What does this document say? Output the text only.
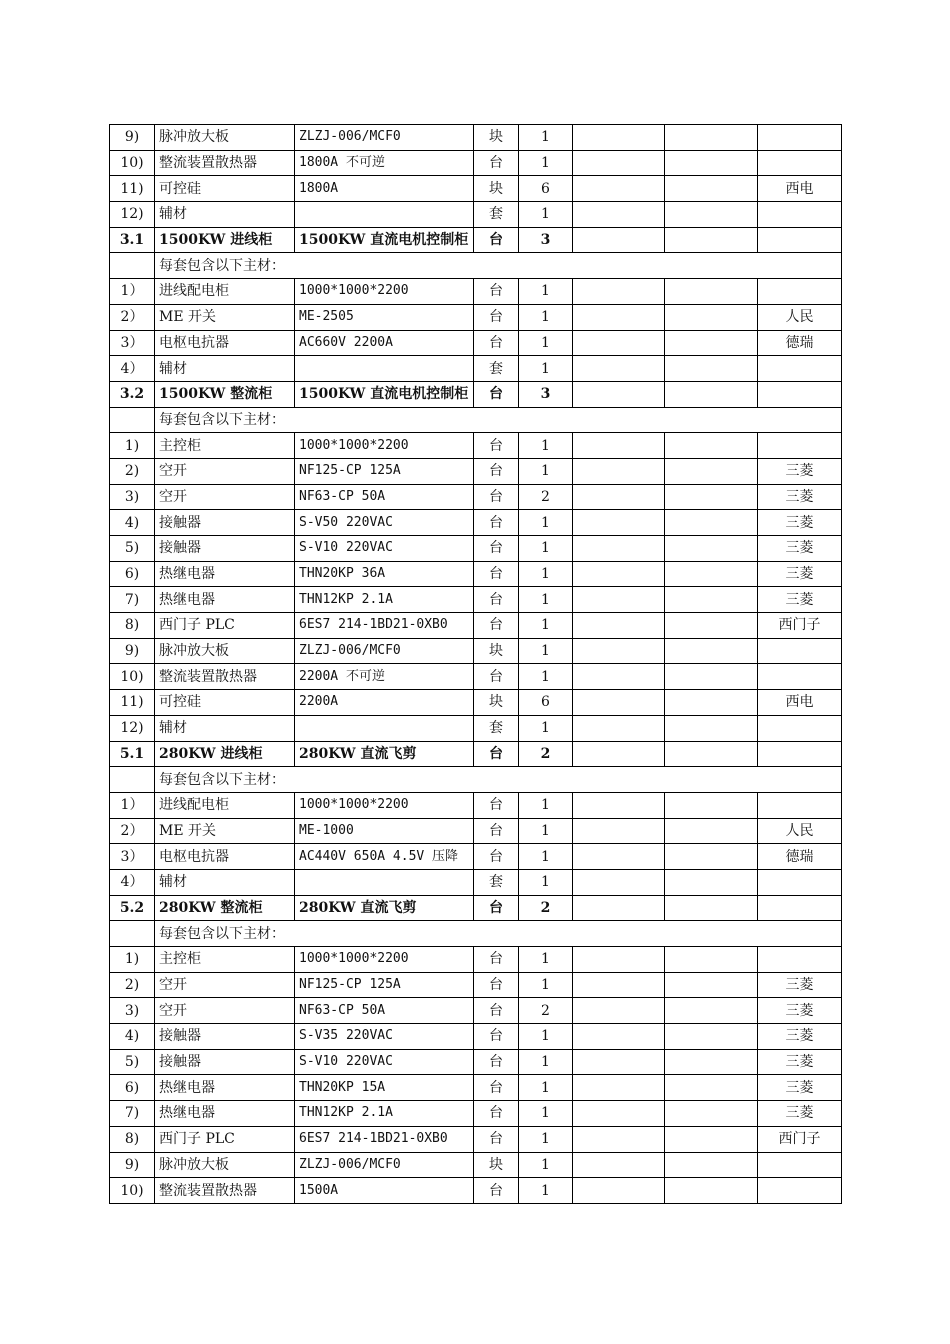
9)	脉冲放大板	ZLZJ-006/MCF0	块	1			
10)	整流装置散热器	1800A 不可逆	台	1			
11)	可控硅	1800A	块	6			西电
12)	辅材		套	1			
3.1	1500KW 进线柜	1500KW 直流电机控制柜	台	3			
	每套包含以下主材：						
1）	进线配电柜	1000*1000*2200	台	1			
2）	ME 开关	ME-2505	台	1			人民
3）	电枢电抗器	AC660V 2200A	台	1			德瑞
4）	辅材		套	1			
3.2	1500KW 整流柜	1500KW 直流电机控制柜	台	3			
	每套包含以下主材：						
1)	主控柜	1000*1000*2200	台	1			
2)	空开	NF125-CP 125A	台	1			三菱
3)	空开	NF63-CP 50A	台	2			三菱
4)	接触器	S-V50 220VAC	台	1			三菱
5)	接触器	S-V10 220VAC	台	1			三菱
6)	热继电器	THN20KP 36A	台	1			三菱
7)	热继电器	THN12KP 2.1A	台	1			三菱
8)	西门子 PLC	6ES7 214-1BD21-0XB0	台	1			西门子
9)	脉冲放大板	ZLZJ-006/MCF0	块	1			
10)	整流装置散热器	2200A 不可逆	台	1			
11)	可控硅	2200A	块	6			西电
12)	辅材		套	1			
5.1	280KW 进线柜	280KW 直流飞剪	台	2			
	每套包含以下主材：						
1）	进线配电柜	1000*1000*2200	台	1			
2）	ME 开关	ME-1000	台	1			人民
3）	电枢电抗器	AC440V 650A 4.5V 压降	台	1			德瑞
4）	辅材		套	1			
5.2	280KW 整流柜	280KW 直流飞剪	台	2			
	每套包含以下主材：						
1)	主控柜	1000*1000*2200	台	1			
2)	空开	NF125-CP 125A	台	1			三菱
3)	空开	NF63-CP 50A	台	2			三菱
4)	接触器	S-V35 220VAC	台	1			三菱
5)	接触器	S-V10 220VAC	台	1			三菱
6)	热继电器	THN20KP 15A	台	1			三菱
7)	热继电器	THN12KP 2.1A	台	1			三菱
8)	西门子 PLC	6ES7 214-1BD21-0XB0	台	1			西门子
9)	脉冲放大板	ZLZJ-006/MCF0	块	1			
10)	整流装置散热器	1500A	台	1			
